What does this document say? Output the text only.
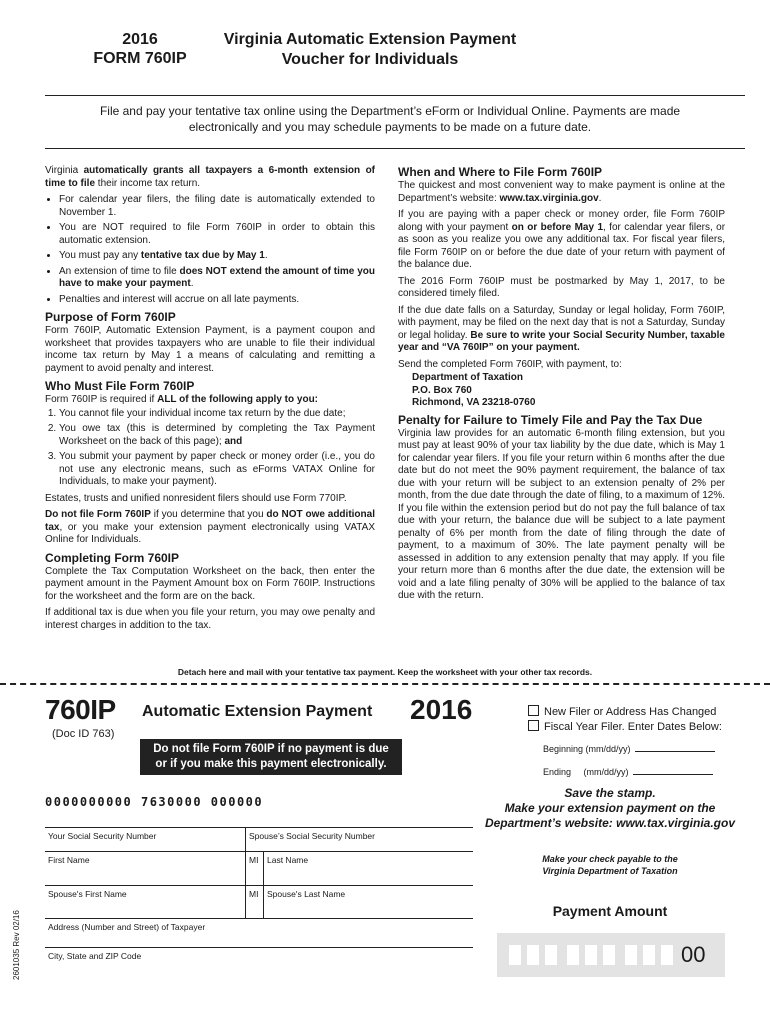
2016
FORM 760IP
Virginia Automatic Extension Payment
Voucher for Individuals
File and pay your tentative tax online using the Department’s eForm or Individual Online. Payments are made electronically and you may schedule payments to be made on a future date.

Virginia automatically grants all taxpayers a 6-month extension of time to file their income tax return.

• For calendar year filers, the filing date is automatically extended to November 1.
• You are NOT required to file Form 760IP in order to obtain this automatic extension.
• You must pay any tentative tax due by May 1.
• An extension of time to file does NOT extend the amount of time you have to make your payment.
• Penalties and interest will accrue on all late payments.
Purpose of Form 760IP

Form 760IP, Automatic Extension Payment, is a payment coupon and worksheet that provides taxpayers who are unable to file their individual income tax return by May 1 a means of calculating and remitting a payment to avoid penalty and interest.

Who Must File Form 760IP

Form 760IP is required if ALL of the following apply to you:

1. You cannot file your individual income tax return by the due date;
2. You owe tax (this is determined by completing the Tax Payment Worksheet on the back of this page); and
3. You submit your payment by paper check or money order (i.e., you do not use any electronic means, such as eForms VATAX Online for Individuals, to make your payment).

Estates, trusts and unified nonresident filers should use Form 770IP.

Do not file Form 760IP if you determine that you do NOT owe additional tax, or you make your extension payment electronically using VATAX Online for Individuals.

Completing Form 760IP

Complete the Tax Computation Worksheet on the back, then enter the payment amount in the Payment Amount box on Form 760IP. Instructions for the worksheet and the form are on the back.

If additional tax is due when you file your return, you may owe penalty and interest charges in addition to the tax.

When and Where to File Form 760IP

The quickest and most convenient way to make payment is online at the Department’s website: www.tax.virginia.gov.

If you are paying with a paper check or money order, file Form 760IP along with your payment on or before May 1, for calendar year filers, or as soon as you realize you owe any additional tax. For fiscal year filers, file Form 760IP on or before the due date of your return with payment of the balance due.

The 2016 Form 760IP must be postmarked by May 1, 2017, to be considered timely filed.

If the due date falls on a Saturday, Sunday or legal holiday, Form 760IP, with payment, may be filed on the next day that is not a Saturday, Sunday or legal holiday. Be sure to write your Social Security Number, taxable year and “VA 760IP” on your payment.

Send the completed Form 760IP, with payment, to:

Department of Taxation
P.O. Box 760
Richmond, VA 23218-0760
Penalty for Failure to Timely File and Pay the Tax Due

Virginia law provides for an automatic 6-month filing extension, but you must pay at least 90% of your tax liability by the due date, which is May 1 for calendar year filers. If you file your return within 6 months after the due date but do not meet the 90% payment requirement, the balance of tax due with your return will be subject to an extension penalty of 2% per month, from the due date through the date of filing, to a maximum of 12%. If you file within the extension period but do not pay the full balance of tax due with your return, the balance due will be subject to a late payment penalty of 6% per month from the date of filing through the date of payment, to a maximum of 30%. The late payment penalty will be assessed in addition to any extension penalty that may apply. If you file your return more than 6 months after the due date, the extension will be void and a late filing penalty of 30% will be applied to the balance of tax due with the return.

Detach here and mail with your tentative tax payment. Keep the worksheet with your other tax records.
760IP
(Doc ID 763)
Automatic Extension Payment 2016
Do not file Form 760IP if no payment is due
or if you make this payment electronically.
New Filer or Address Has Changed
Fiscal Year Filer. Enter Dates Below:
Beginning (mm/dd/yy)
Ending     (mm/dd/yy)
0000000000 7630000 000000
Save the stamp.
Make your extension payment on the
Department’s website: www.tax.virginia.gov
Your Social Security Number	Spouse’s Social Security Number
First Name	MI	Last Name
Spouse's First Name	MI	Spouse's Last Name
Address (Number and Street) of Taxpayer
City, State and ZIP Code
Make your check payable to the
Virginia Department of Taxation
Payment Amount
00
2601035 Rev 02/16
